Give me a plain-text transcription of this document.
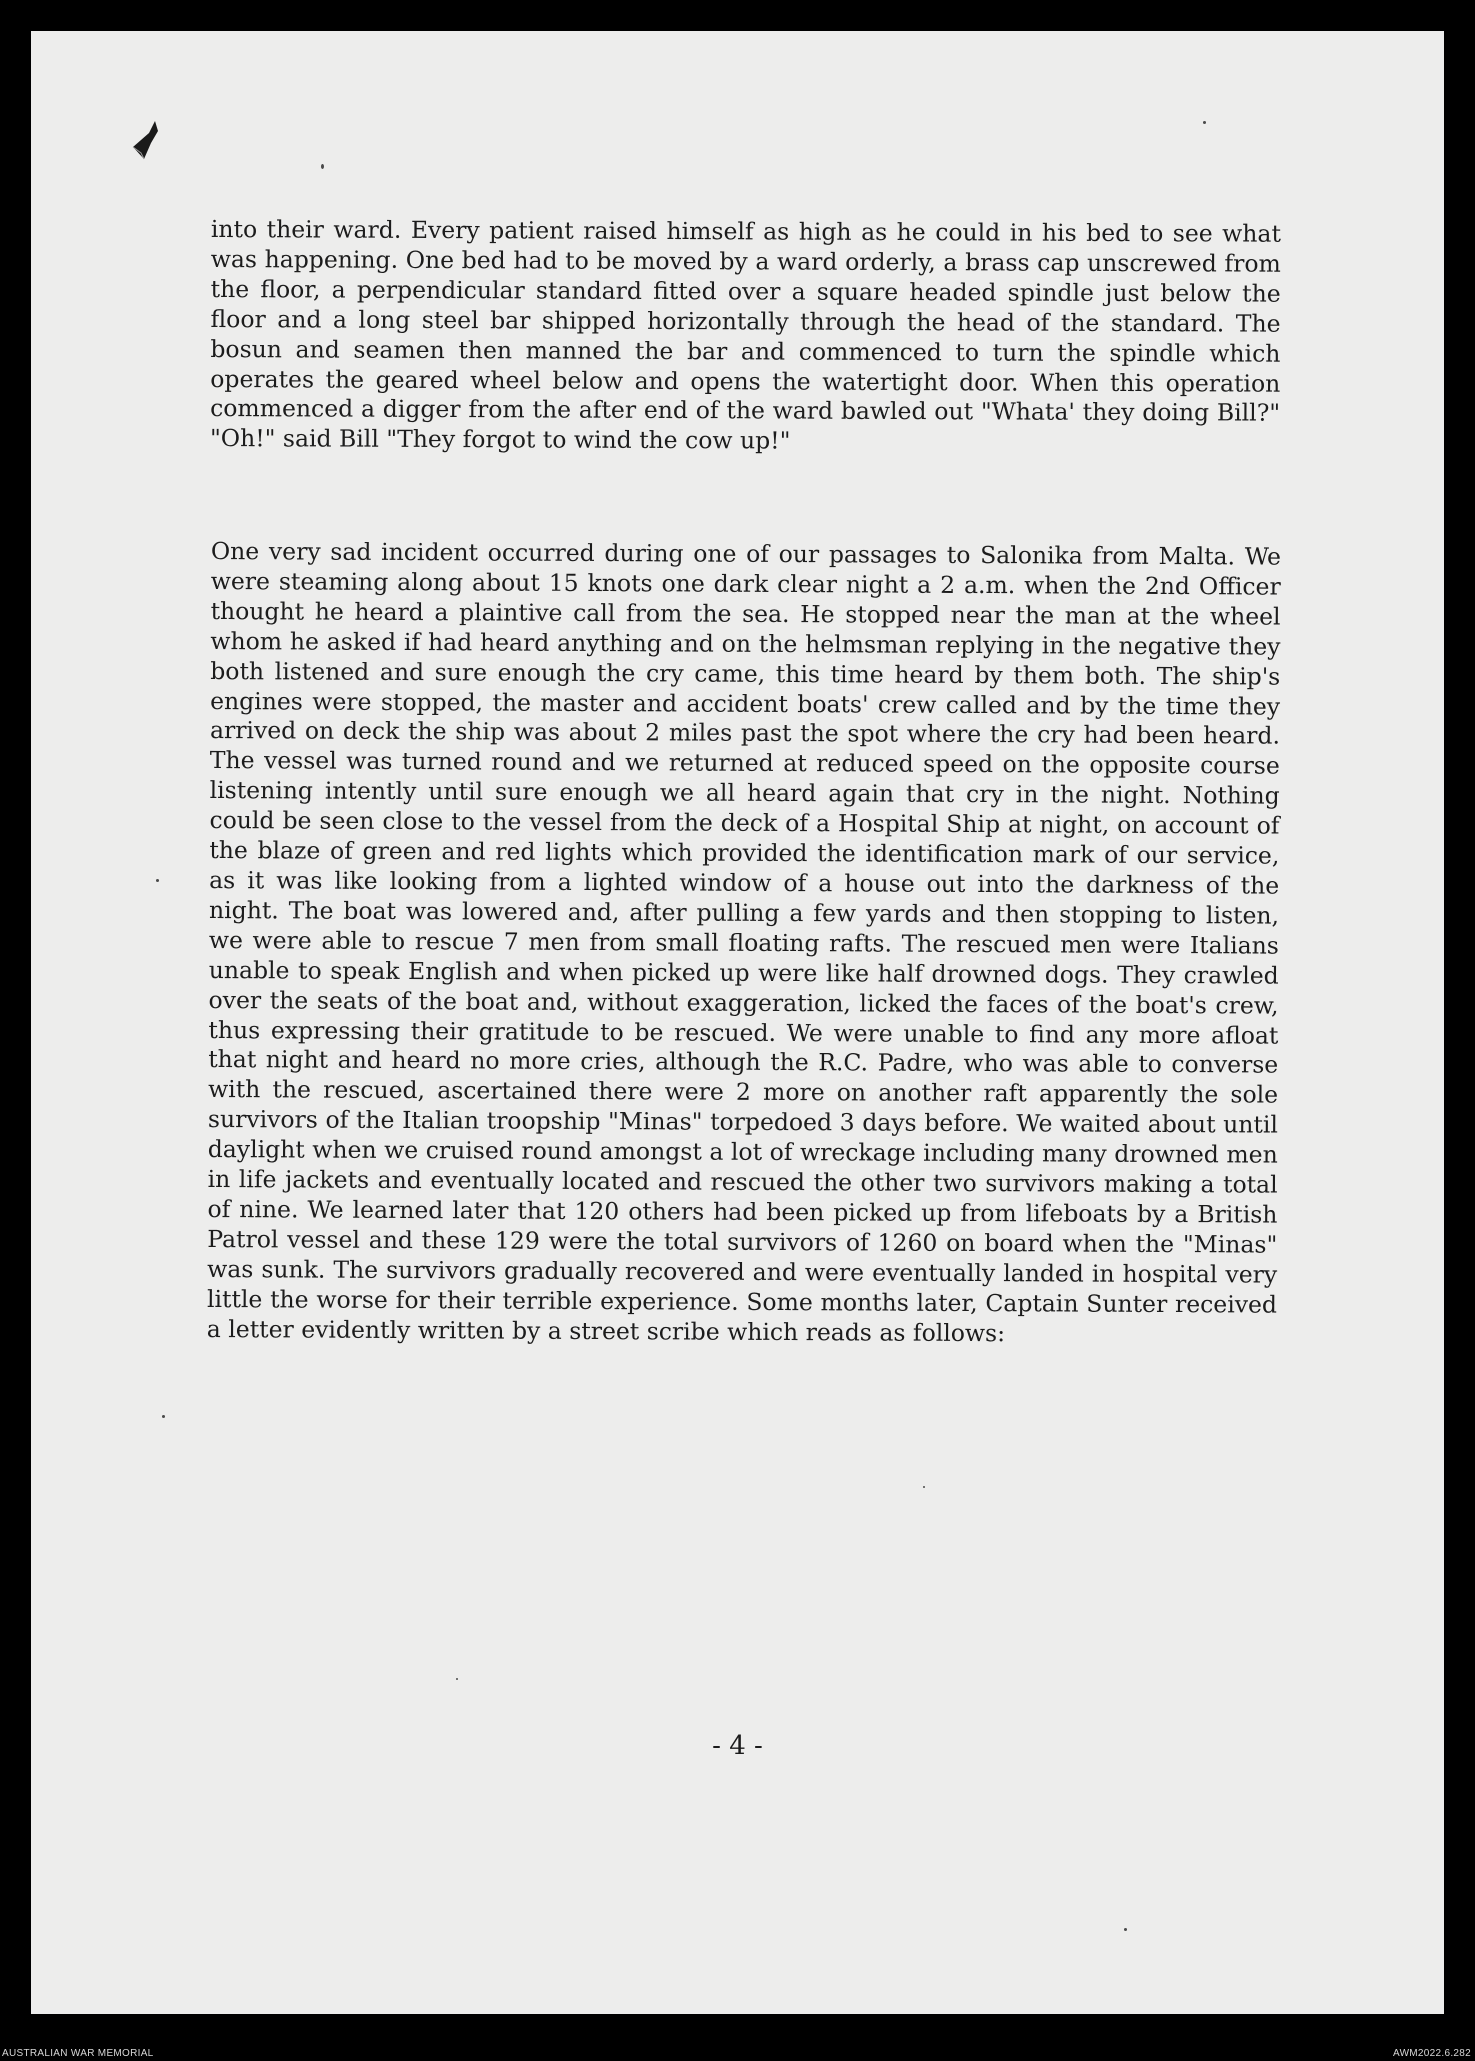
into their ward. Every patient raised himself as high as he could in his bed to see what was happening. One bed had to be moved by a ward orderly, a brass cap unscrewed from the floor, a perpendicular standard fitted over a square headed spindle just below the floor and a long steel bar shipped horizontally through the head of the standard. The bosun and seamen then manned the bar and commenced to turn the spindle which operates the geared wheel below and opens the watertight door. When this operation commenced a digger from the after end of the ward bawled out "Whata' they doing Bill?" "Oh!" said Bill "They forgot to wind the cow up!"

One very sad incident occurred during one of our passages to Salonika from Malta. We were steaming along about 15 knots one dark clear night a 2 a.m. when the 2nd Officer thought he heard a plaintive call from the sea. He stopped near the man at the wheel whom he asked if had heard anything and on the helmsman replying in the negative they both listened and sure enough the cry came, this time heard by them both. The ship's engines were stopped, the master and accident boats' crew called and by the time they arrived on deck the ship was about 2 miles past the spot where the cry had been heard. The vessel was turned round and we returned at reduced speed on the opposite course listening intently until sure enough we all heard again that cry in the night. Nothing could be seen close to the vessel from the deck of a Hospital Ship at night, on account of the blaze of green and red lights which provided the identification mark of our service, as it was like looking from a lighted window of a house out into the darkness of the night. The boat was lowered and, after pulling a few yards and then stopping to listen, we were able to rescue 7 men from small floating rafts. The rescued men were Italians unable to speak English and when picked up were like half drowned dogs. They crawled over the seats of the boat and, without exaggeration, licked the faces of the boat's crew, thus expressing their gratitude to be rescued. We were unable to find any more afloat that night and heard no more cries, although the R.C. Padre, who was able to converse with the rescued, ascertained there were 2 more on another raft apparently the sole survivors of the Italian troopship "Minas" torpedoed 3 days before. We waited about until daylight when we cruised round amongst a lot of wreckage including many drowned men in life jackets and eventually located and rescued the other two survivors making a total of nine. We learned later that 120 others had been picked up from lifeboats by a British Patrol vessel and these 129 were the total survivors of 1260 on board when the "Minas" was sunk. The survivors gradually recovered and were eventually landed in hospital very little the worse for their terrible experience. Some months later, Captain Sunter received a letter evidently written by a street scribe which reads as follows:

- 4 -
AUSTRALIAN WAR MEMORIAL	AWM2022.6.282
